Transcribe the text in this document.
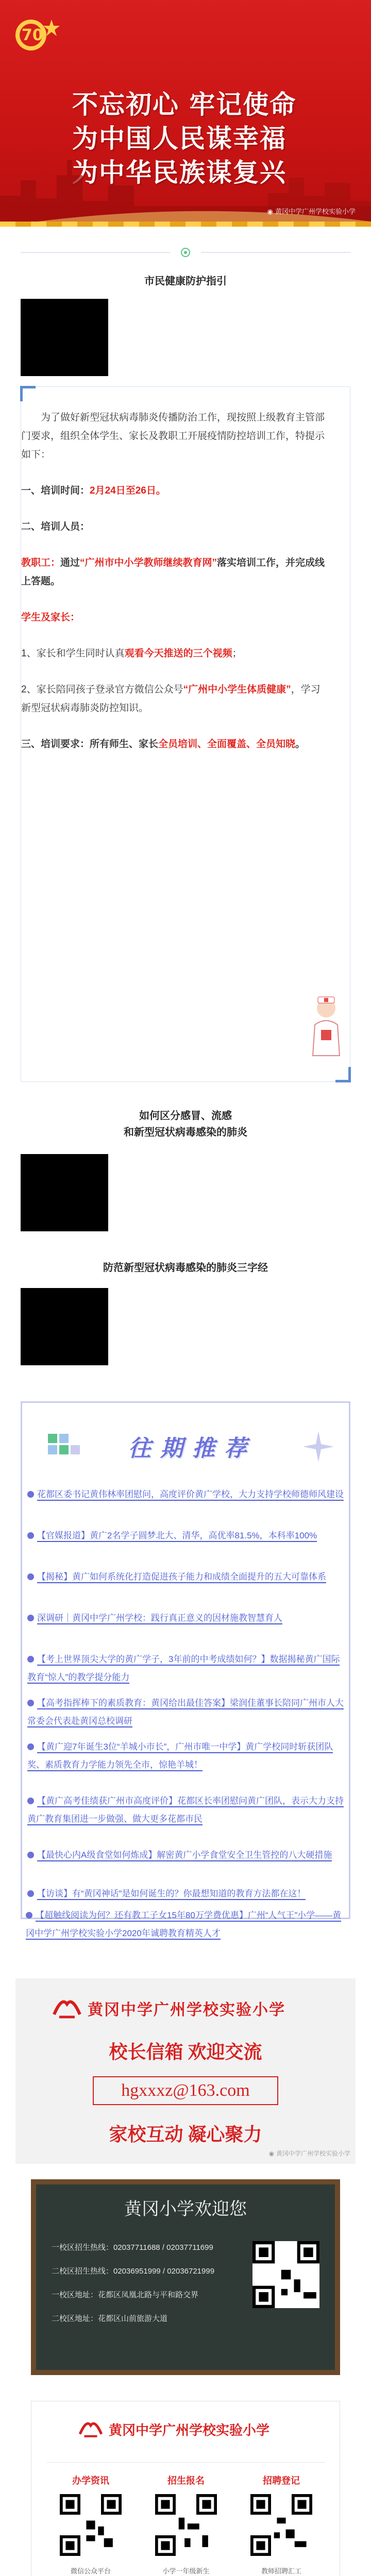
70
不忘初心 牢记使命
为中国人民谋幸福
为中华民族谋复兴
◉ 黄冈中学广州学校实验小学
市民健康防护指引

为了做好新型冠状病毒肺炎传播防治工作，现按照上级教育主管部门要求，组织全体学生、家长及教职工开展疫情防控培训工作，特提示如下：

一、培训时间：2月24日至26日。

二、培训人员：

教职工：通过“广州市中小学教师继续教育网”落实培训工作，并完成线上答题。

学生及家长：

1、家长和学生同时认真观看今天推送的三个视频；

2、家长陪同孩子登录官方微信公众号“广州中小学生体质健康”，学习新型冠状病毒肺炎防控知识。

三、培训要求：所有师生、家长全员培训、全面覆盖、全员知晓。

如何区分感冒、流感
和新型冠状病毒感染的肺炎
防范新型冠状病毒感染的肺炎三字经
往期推荐
花都区委书记黄伟林率团慰问，高度评价黄广学校，大力支持学校师德师风建设
【官媒报道】黄广2名学子圆梦北大、清华，高优率81.5%，本科率100%
【揭秘】黄广如何系统化打造促进孩子能力和成绩全面提升的五大可靠体系
深调研｜黄冈中学广州学校：践行真正意义的因材施教智慧育人
【考上世界顶尖大学的黄广学子，3年前的中考成绩如何？】数据揭秘黄广国际教育“惊人”的教学提分能力
【高考指挥棒下的素质教育：黄冈给出最佳答案】梁润佳董事长陪同广州市人大常委会代表赴黄冈总校调研
【黄广迎7年诞生3位“羊城小市长”，广州市唯一中学】黄广学校同时斩获团队奖、素质教育力学能力领先全市，惊艳羊城！
【黄广高考佳绩获广州市高度评价】花都区长率团慰问黄广团队，表示大力支持黄广教育集团进一步做强、做大更多花都市民
【最快心内A级食堂如何炼成】解密黄广小学食堂安全卫生管控的八大硬措施
【访谈】有“黄冈神话”是如何诞生的？你最想知道的教育方法都在这！
【超触线阅读为何？还有教工子女15年80万学费优惠】广州“人气王”小学——黄冈中学广州学校实验小学2020年诚聘教育精英人才
黄冈中学广州学校实验小学
校长信箱 欢迎交流
hgxxxz@163.com
家校互动 凝心聚力
◉ 黄冈中学广州学校实验小学
黄冈小学欢迎您
一校区招生热线：02037711688 / 02037711699
二校区招生热线：02036951999 / 02036721999
一校区地址：花都区凤凰北路与平和路交界
二校区地址：花都区山前旅游大道
黄冈中学广州学校实验小学
办学资讯	招生报名	招聘登记
微信公众平台	小学一年级新生	教师招聘汇工
